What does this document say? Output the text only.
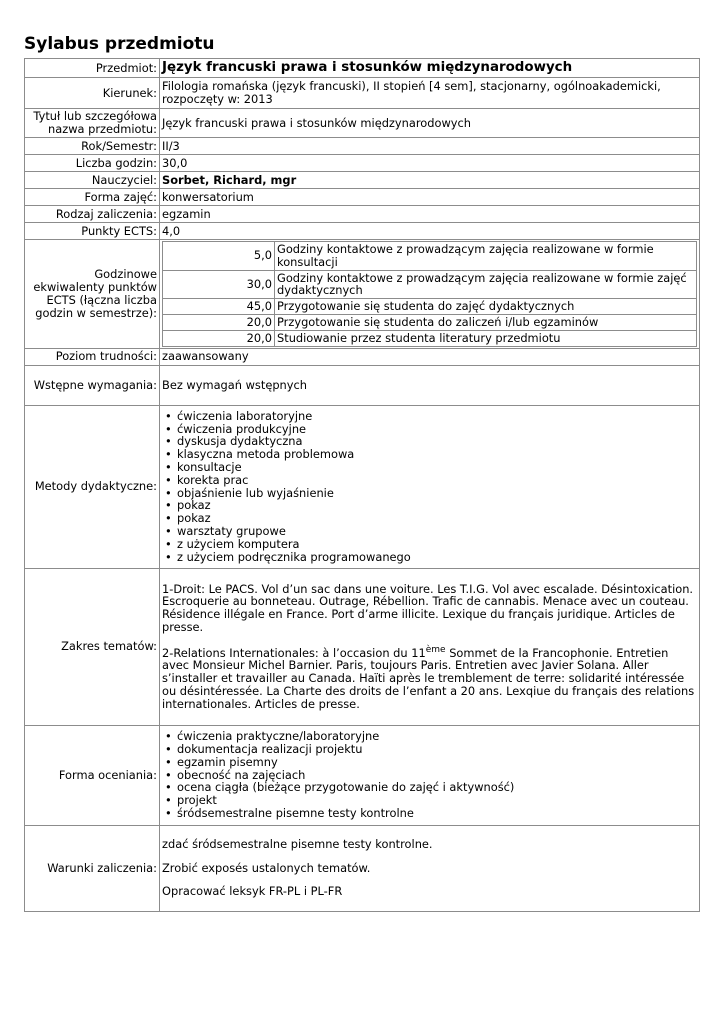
Sylabus przedmiotu
Przedmiot:	Język francuski prawa i stosunków międzynarodowych
Kierunek:	Filologia romańska (język francuski), II stopień [4 sem], stacjonarny, ogólnoakademicki, rozpoczęty w: 2013
Tytuł lub szczegółowa nazwa przedmiotu:	Język francuski prawa i stosunków międzynarodowych
Rok/Semestr:	II/3
Liczba godzin:	30,0
Nauczyciel:	Sorbet, Richard, mgr
Forma zajęć:	konwersatorium
Rodzaj zaliczenia:	egzamin
Punkty ECTS:	4,0
Godzinowe ekwiwalenty punktów ECTS (łączna liczba godzin w semestrze):	
5,0	Godziny kontaktowe z prowadzącym zajęcia realizowane w formie konsultacji
30,0	Godziny kontaktowe z prowadzącym zajęcia realizowane w formie zajęć dydaktycznych
45,0	Przygotowanie się studenta do zajęć dydaktycznych
20,0	Przygotowanie się studenta do zaliczeń i/lub egzaminów
20,0	Studiowanie przez studenta literatury przedmiotu

Poziom trudności:	zaawansowany
Wstępne wymagania:	Bez wymagań wstępnych
Metody dydaktyczne:	
• ćwiczenia laboratoryjne
• ćwiczenia produkcyjne
• dyskusja dydaktyczna
• klasyczna metoda problemowa
• konsultacje
• korekta prac
• objaśnienie lub wyjaśnienie
• pokaz
• pokaz
• warsztaty grupowe
• z użyciem komputera
• z użyciem podręcznika programowanego

Zakres tematów:	

1-Droit: Le PACS. Vol d’un sac dans une voiture. Les T.I.G. Vol avec escalade. Désintoxication. Escroquerie au bonneteau. Outrage, Rébellion. Trafic de cannabis. Menace avec un couteau. Résidence illégale en France. Port d’arme illicite. Lexique du français juridique. Articles de presse.

2-Relations Internationales: à l’occasion du 11ème Sommet de la Francophonie. Entretien avec Monsieur Michel Barnier. Paris, toujours Paris. Entretien avec Javier Solana. Aller s’installer et travailler au Canada. Haïti après le tremblement de terre: solidarité intéressée ou désintéressée. La Charte des droits de l’enfant a 20 ans. Lexqiue du français des relations internationales. Articles de presse.

Forma oceniania:	
• ćwiczenia praktyczne/laboratoryjne
• dokumentacja realizacji projektu
• egzamin pisemny
• obecność na zajęciach
• ocena ciągła (bieżące przygotowanie do zajęć i aktywność)
• projekt
• śródsemestralne pisemne testy kontrolne

Warunki zaliczenia:	

zdać śródsemestralne pisemne testy kontrolne.

Zrobić exposés ustalonych tematów.

Opracować leksyk FR-PL i PL-FR
